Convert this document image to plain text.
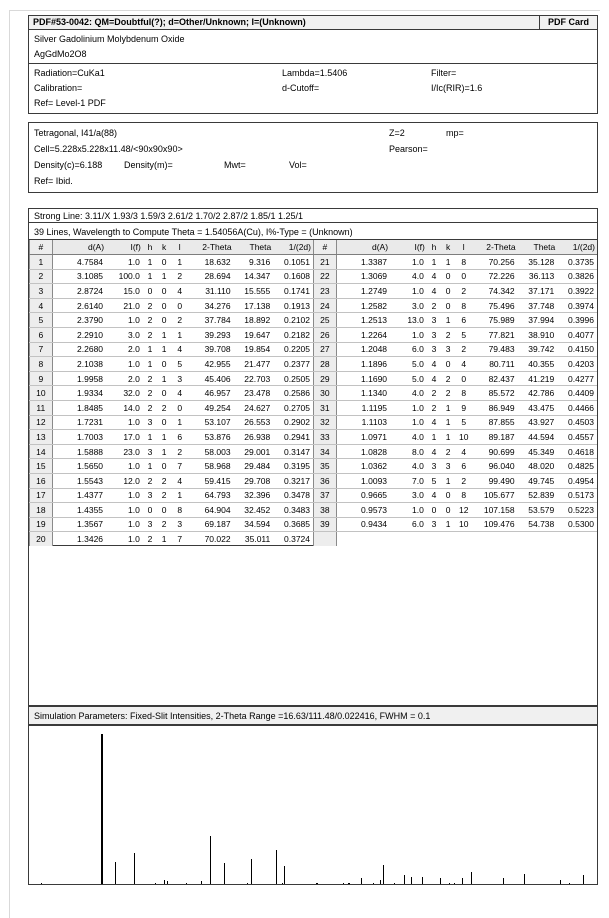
PDF#53-0042: QM=Doubtful(?); d=Other/Unknown; I=(Unknown)	PDF Card
Silver Gadolinium Molybdenum Oxide
AgGdMo2O8
Radiation=CuKa1	Lambda=1.5406	Filter=
Calibration=	d-Cutoff=	I/Ic(RIR)=1.6
Ref= Level-1 PDF
Tetragonal, I41/a(88)	Z=2	mp=
Cell=5.228x5.228x11.48/<90x90x90>	Pearson=
Density(c)=6.188 Density(m)=	Mwt=	Vol=
Ref= Ibid.
Strong Line: 3.11/X 1.93/3 1.59/3 2.61/2 1.70/2 2.87/2 1.85/1 1.25/1
39 Lines, Wavelength to Compute Theta = 1.54056A(Cu), I%-Type = (Unknown)
#	d(A)	I(f)	h	k	l	2-Theta	Theta	1/(2d)
1	4.7584	1.0	1	0	1	18.632	9.316	0.1051
2	3.1085	100.0	1	1	2	28.694	14.347	0.1608
3	2.8724	15.0	0	0	4	31.110	15.555	0.1741
4	2.6140	21.0	2	0	0	34.276	17.138	0.1913
5	2.3790	1.0	2	0	2	37.784	18.892	0.2102
6	2.2910	3.0	2	1	1	39.293	19.647	0.2182
7	2.2680	2.0	1	1	4	39.708	19.854	0.2205
8	2.1038	1.0	1	0	5	42.955	21.477	0.2377
9	1.9958	2.0	2	1	3	45.406	22.703	0.2505
10	1.9334	32.0	2	0	4	46.957	23.478	0.2586
11	1.8485	14.0	2	2	0	49.254	24.627	0.2705
12	1.7231	1.0	3	0	1	53.107	26.553	0.2902
13	1.7003	17.0	1	1	6	53.876	26.938	0.2941
14	1.5888	23.0	3	1	2	58.003	29.001	0.3147
15	1.5650	1.0	1	0	7	58.968	29.484	0.3195
16	1.5543	12.0	2	2	4	59.415	29.708	0.3217
17	1.4377	1.0	3	2	1	64.793	32.396	0.3478
18	1.4355	1.0	0	0	8	64.904	32.452	0.3483
19	1.3567	1.0	3	2	3	69.187	34.594	0.3685
20	1.3426	1.0	2	1	7	70.022	35.011	0.3724
#	d(A)	I(f)	h	k	l	2-Theta	Theta	1/(2d)
21	1.3387	1.0	1	1	8	70.256	35.128	0.3735
22	1.3069	4.0	4	0	0	72.226	36.113	0.3826
23	1.2749	1.0	4	0	2	74.342	37.171	0.3922
24	1.2582	3.0	2	0	8	75.496	37.748	0.3974
25	1.2513	13.0	3	1	6	75.989	37.994	0.3996
26	1.2264	1.0	3	2	5	77.821	38.910	0.4077
27	1.2048	6.0	3	3	2	79.483	39.742	0.4150
28	1.1896	5.0	4	0	4	80.711	40.355	0.4203
29	1.1690	5.0	4	2	0	82.437	41.219	0.4277
30	1.1340	4.0	2	2	8	85.572	42.786	0.4409
31	1.1195	1.0	2	1	9	86.949	43.475	0.4466
32	1.1103	1.0	4	1	5	87.855	43.927	0.4503
33	1.0971	4.0	1	1	10	89.187	44.594	0.4557
34	1.0828	8.0	4	2	4	90.699	45.349	0.4618
35	1.0362	4.0	3	3	6	96.040	48.020	0.4825
36	1.0093	7.0	5	1	2	99.490	49.745	0.4954
37	0.9665	3.0	4	0	8	105.677	52.839	0.5173
38	0.9573	1.0	0	0	12	107.158	53.579	0.5223
39	0.9434	6.0	3	1	10	109.476	54.738	0.5300

Simulation Parameters: Fixed-Slit Intensities, 2-Theta Range =16.63/111.48/0.022416, FWHM = 0.1
